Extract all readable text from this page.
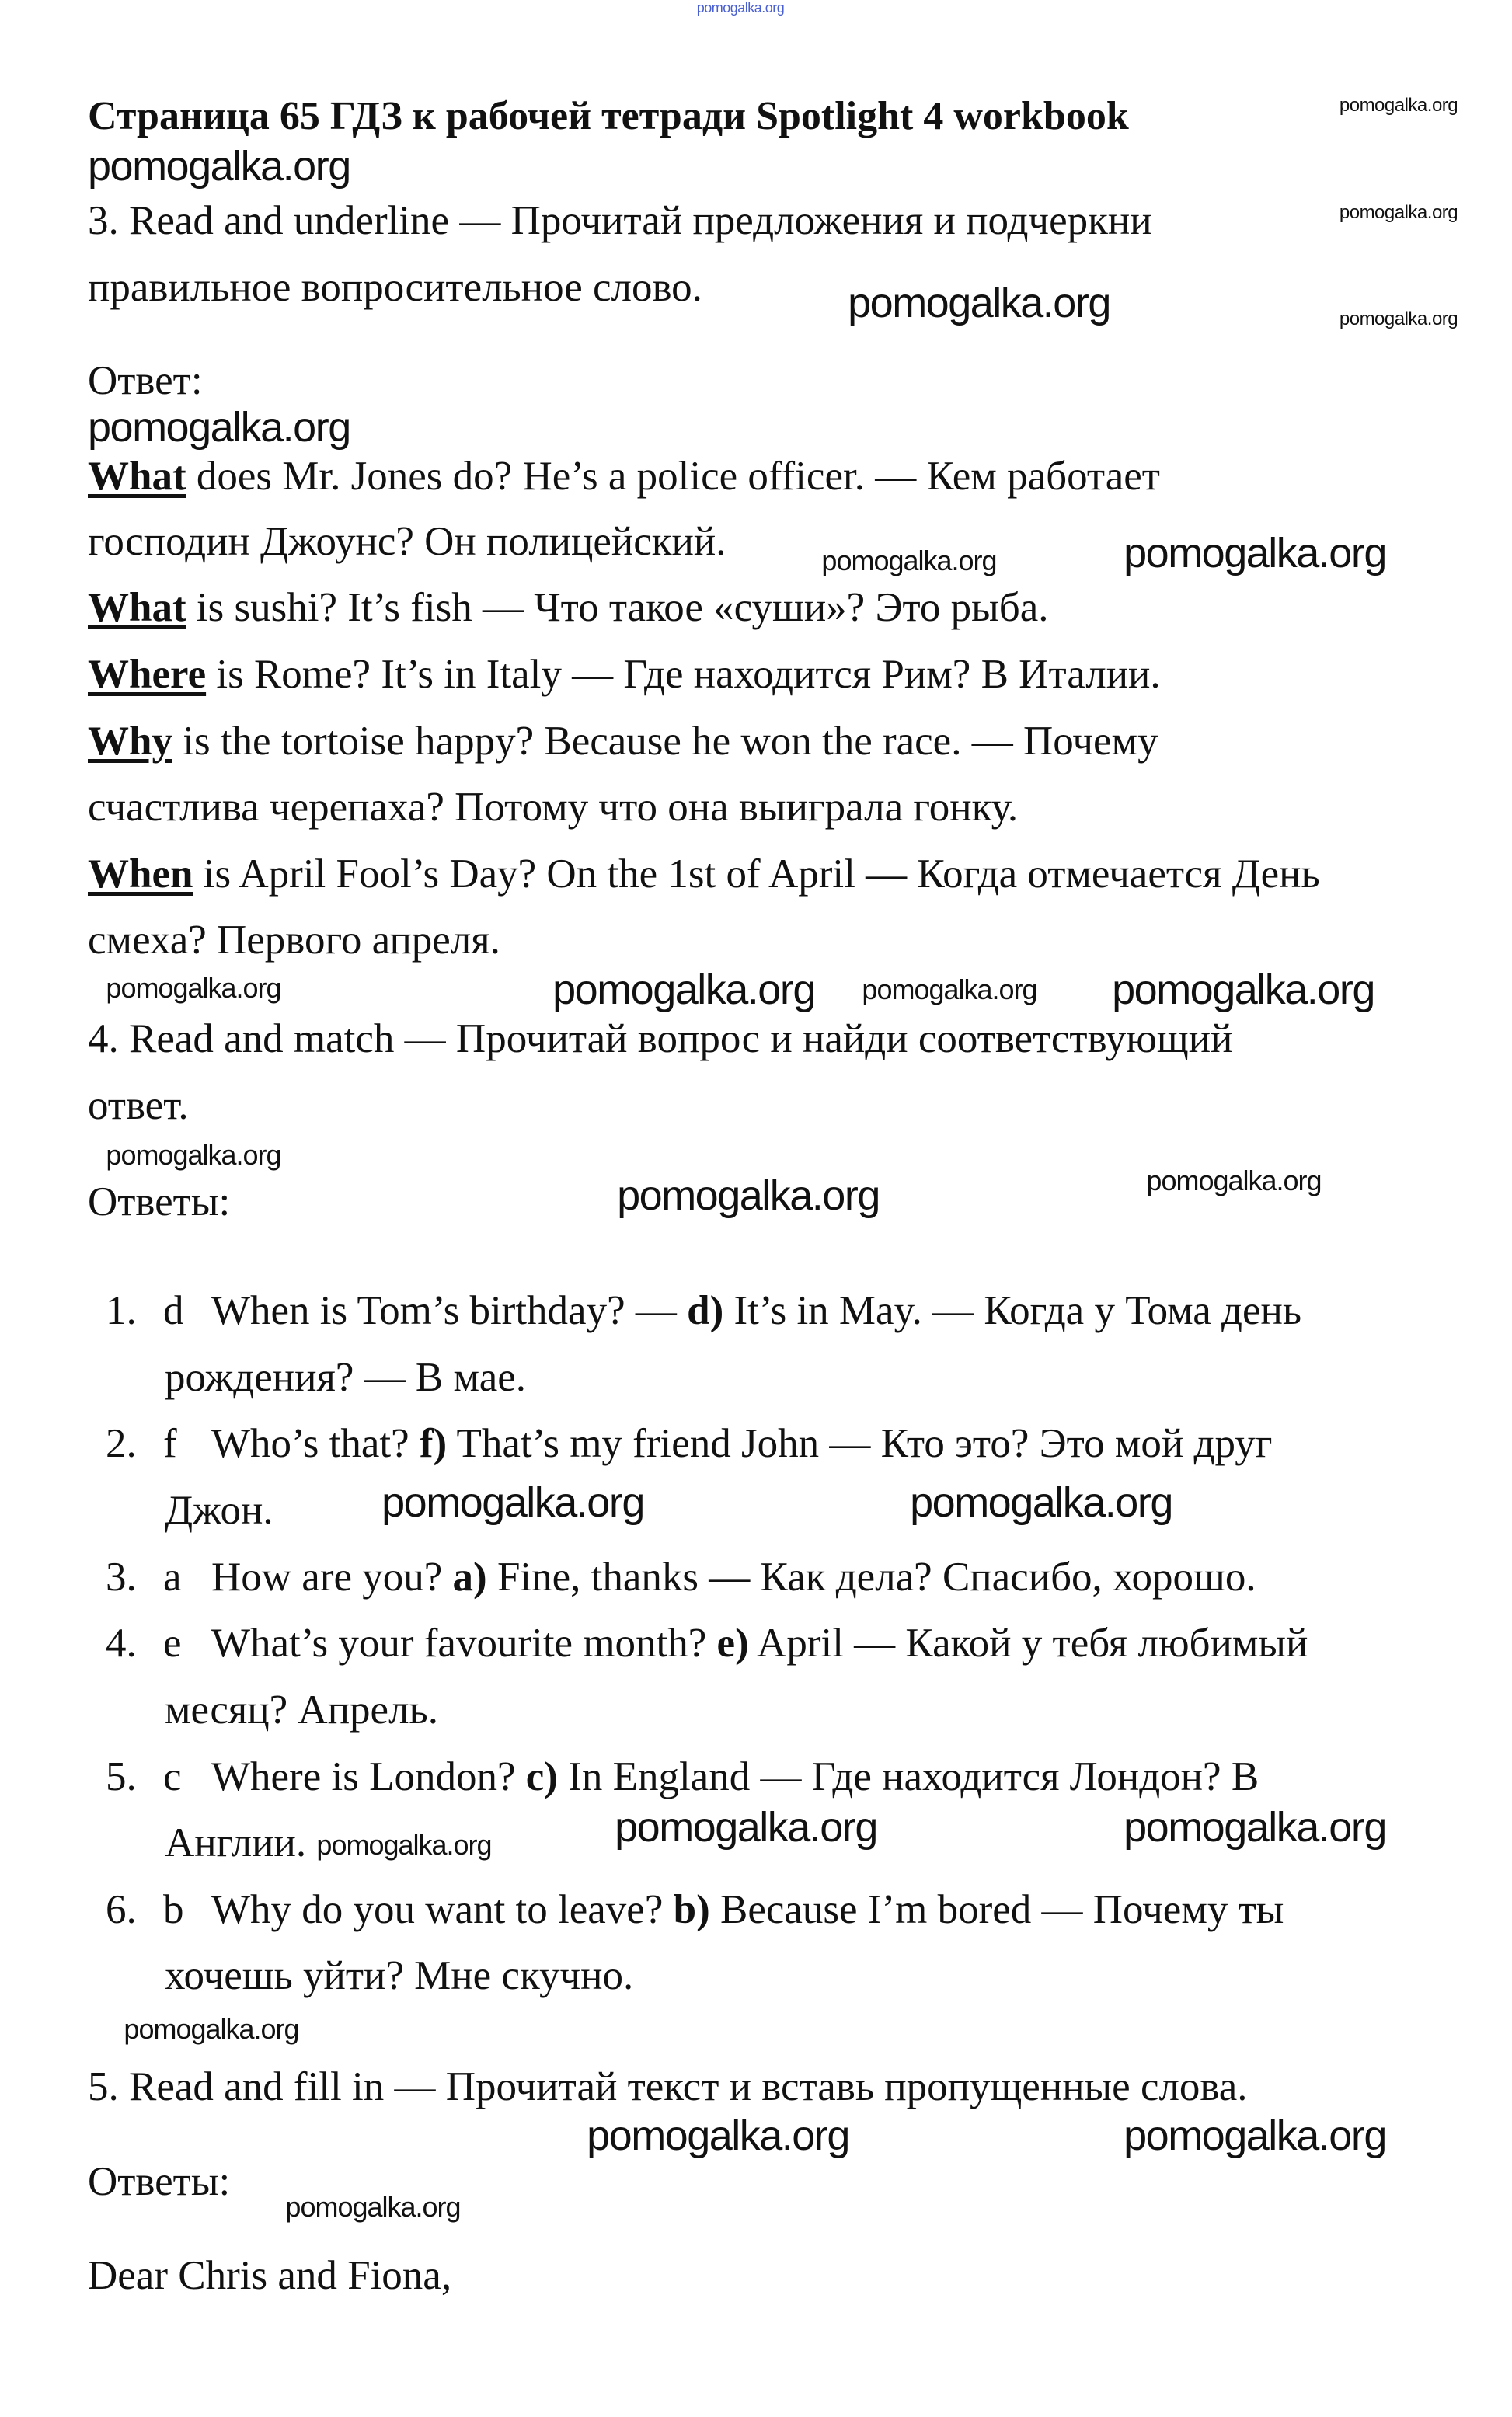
Страница 65 ГДЗ к рабочей тетради Spotlight 4 workbook
3. Read and underline — Прочитай предложения и подчеркни
правильное вопросительное слово.
Ответ:
What does Mr. Jones do? He’s a police officer. — Кем работает
господин Джоунс? Он полицейский.
What is sushi? It’s fish — Что такое «суши»? Это рыба.
Where is Rome? It’s in Italy — Где находится Рим? В Италии.
Why is the tortoise happy? Because he won the race. — Почему
счастлива черепаха? Потому что она выиграла гонку.
When is April Fool’s Day? On the 1st of April — Когда отмечается День
смеха? Первого апреля.
4. Read and match — Прочитай вопрос и найди соответствующий
ответ.
Ответы:
1. d When is Tom’s birthday? — d) It’s in May. — Когда у Тома день
рождения? — В мае.
2. f Who’s that? f) That’s my friend John — Кто это? Это мой друг
Джон.
3. a How are you? a) Fine, thanks — Как дела? Спасибо, хорошо.
4. e What’s your favourite month? e) April — Какой у тебя любимый
месяц? Апрель.
5. c Where is London? c) In England — Где находится Лондон? В
Англии.
6. b Why do you want to leave? b) Because I’m bored — Почему ты
хочешь уйти? Мне скучно.
5. Read and fill in — Прочитай текст и вставь пропущенные слова.
Ответы:
Dear Chris and Fiona,
pomogalka.org
pomogalka.org
pomogalka.org
pomogalka.org
pomogalka.org
pomogalka.org
pomogalka.org
pomogalka.org
pomogalka.org
pomogalka.org
pomogalka.org	pomogalka.org
pomogalka.org
pomogalka.org
pomogalka.org	pomogalka.org
pomogalka.org	pomogalka.org
pomogalka.org	pomogalka.org	pomogalka.org
pomogalka.org
pomogalka.org	pomogalka.org
pomogalka.org
